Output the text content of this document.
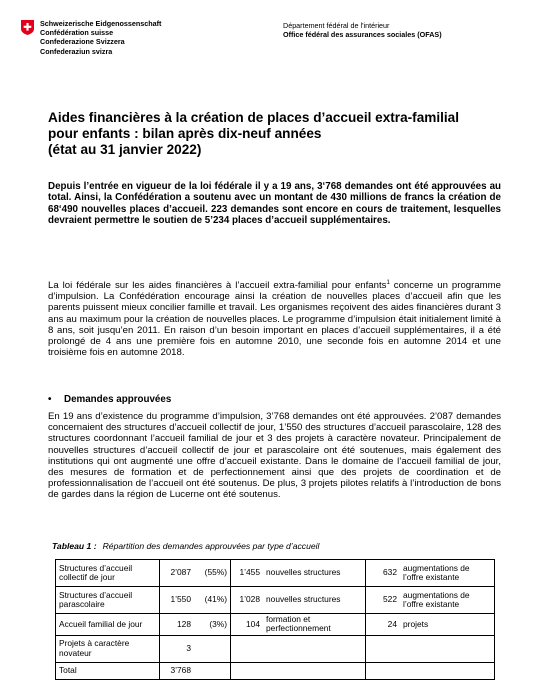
Schweizerische Eidgenossenschaft
Confédération suisse
Confederazione Svizzera
Confederaziun svizra
Département fédéral de l'intérieur
Office fédéral des assurances sociales (OFAS)
Aides financières à la création de places d’accueil extra-familial
pour enfants : bilan après dix-neuf années
(état au 31 janvier 2022)
Depuis l’entrée en vigueur de la loi fédérale il y a 19 ans, 3‘768 demandes ont été approuvées au total. Ainsi, la Confédération a soutenu avec un montant de 430 millions de francs la création de 68‘490 nouvelles places d’accueil. 223 demandes sont encore en cours de traitement, lesquelles devraient permettre le soutien de 5’234 places d’accueil supplémentaires.
La loi fédérale sur les aides financières à l’accueil extra-familial pour enfants$^1$ concerne un programme d’impulsion. La Confédération encourage ainsi la création de nouvelles places d’accueil afin que les parents puissent mieux concilier famille et travail. Les organismes reçoivent des aides financières durant 3 ans au maximum pour la création de nouvelles places. Le programme d’impulsion était initialement limité à 8 ans, soit jusqu’en 2011. En raison d’un besoin important en places d’accueil supplémentaires, il a été prolongé de 4 ans une première fois en automne 2010, une seconde fois en automne 2014 et une troisième fois en automne 2018.
• Demandes approuvées
En 19 ans d’existence du programme d’impulsion, 3’768 demandes ont été approuvées. 2’087 demandes concernaient des structures d’accueil collectif de jour, 1’550 des structures d’accueil parascolaire, 128 des structures coordonnant l’accueil familial de jour et 3 des projets à caractère novateur. Principalement de nouvelles structures d’accueil collectif de jour et parascolaire ont été soutenues, mais également des institutions qui ont augmenté une offre d’accueil existante. Dans le domaine de l’accueil familial de jour, des mesures de formation et de perfectionnement ainsi que des projets de coordination et de professionnalisation de l’accueil ont été soutenus. De plus, 3 projets pilotes relatifs à l’introduction de bons de gardes dans la région de Lucerne ont été soutenus.
Tableau 1 : Répartition des demandes approuvées par type d’accueil
Structures d’accueil collectif de jour	2’087	(55%)	1’455	nouvelles structures	632	augmentations de l’offre existante
Structures d’accueil parascolaire	1’550	(41%)	1’028	nouvelles structures	522	augmentations de l’offre existante
Accueil familial de jour	128	(3%)	104	formation et perfectionnement	24	projets
Projets à caractère novateur	3					
Total	3’768					
